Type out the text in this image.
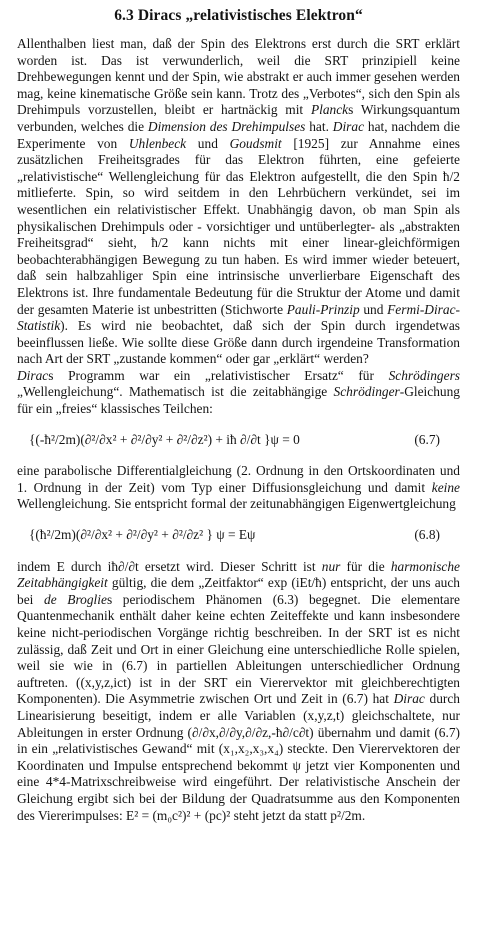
6.3 Diracs „relativistisches Elektron“

Allenthalben liest man, daß der Spin des Elektrons erst durch die SRT erklärt worden ist. Das ist verwunderlich, weil die SRT prinzipiell keine Drehbewegungen kennt und der Spin, wie abstrakt er auch immer gesehen werden mag, keine kinematische Größe sein kann. Trotz des „Verbotes“, sich den Spin als Drehimpuls vorzustellen, bleibt er hartnäckig mit Plancks Wirkungsquantum verbunden, welches die Dimension des Drehimpulses hat. Dirac hat, nachdem die Experimente von Uhlenbeck und Goudsmit [1925] zur Annahme eines zusätzlichen Freiheitsgrades für das Elektron führten, eine gefeierte „relativistische“ Wellengleichung für das Elektron aufgestellt, die den Spin ħ/2 mitlieferte. Spin, so wird seitdem in den Lehrbüchern verkündet, sei im wesentlichen ein relativistischer Effekt. Unabhängig davon, ob man Spin als physikalischen Drehimpuls oder - vorsichtiger und untüberlegter- als „abstrakten Freiheitsgrad“ sieht, ħ/2 kann nichts mit einer linear-gleichförmigen beobachterabhängigen Bewegung zu tun haben. Es wird immer wieder beteuert, daß sein halbzahliger Spin eine intrinsische unverlierbare Eigenschaft des Elektrons ist. Ihre fundamentale Bedeutung für die Struktur der Atome und damit der gesamten Materie ist unbestritten (Stichworte Pauli-Prinzip und Fermi-Dirac-Statistik). Es wird nie beobachtet, daß sich der Spin durch irgendetwas beeinflussen ließe. Wie sollte diese Größe dann durch irgendeine Transformation nach Art der SRT „zustande kommen“ oder gar „erklärt“ werden?

Diracs Programm war ein „relativistischer Ersatz“ für Schrödingers „Wellengleichung“. Mathematisch ist die zeitabhängige Schrödinger-Gleichung für ein „freies“ klassisches Teilchen:

{(-ħ²/2m)(∂²/∂x² + ∂²/∂y² + ∂²/∂z²) + iħ ∂/∂t }ψ = 0	(6.7)

eine parabolische Differentialgleichung (2. Ordnung in den Ortskoordinaten und 1. Ordnung in der Zeit) vom Typ einer Diffusionsgleichung und damit keine Wellengleichung. Sie entspricht formal der zeitunabhängigen Eigenwertgleichung

{(ħ²/2m)(∂²/∂x² + ∂²/∂y² + ∂²/∂z² } ψ = Eψ	(6.8)

indem E durch iħ∂/∂t ersetzt wird. Dieser Schritt ist nur für die harmonische Zeitabhängigkeit gültig, die dem „Zeitfaktor“ exp (iEt/ħ) entspricht, der uns auch bei de Broglies periodischem Phänomen (6.3) begegnet. Die elementare Quantenmechanik enthält daher keine echten Zeiteffekte und kann insbesondere keine nicht-periodischen Vorgänge richtig beschreiben. In der SRT ist es nicht zulässig, daß Zeit und Ort in einer Gleichung eine unterschiedliche Rolle spielen, weil sie wie in (6.7) in partiellen Ableitungen unterschiedlicher Ordnung auftreten. ((x,y,z,ict) ist in der SRT ein Vierervektor mit gleichberechtigten Komponenten). Die Asymmetrie zwischen Ort und Zeit in (6.7) hat Dirac durch Linearisierung beseitigt, indem er alle Variablen (x,y,z,t) gleichschaltete, nur Ableitungen in erster Ordnung (∂/∂x,∂/∂y,∂/∂z,-ħ∂/c∂t) übernahm und damit (6.7) in ein „relativistisches Gewand“ mit (x₁,x₂,x₃,x₄) steckte. Den Vierervektoren der Koordinaten und Impulse entsprechend bekommt ψ jetzt vier Komponenten und eine 4*4-Matrixschreibweise wird eingeführt. Der relativistische Anschein der Gleichung ergibt sich bei der Bildung der Quadratsumme aus den Komponenten des Viererimpulses: E² = (m₀c²)² + (pc)² steht jetzt da statt p²/2m.
